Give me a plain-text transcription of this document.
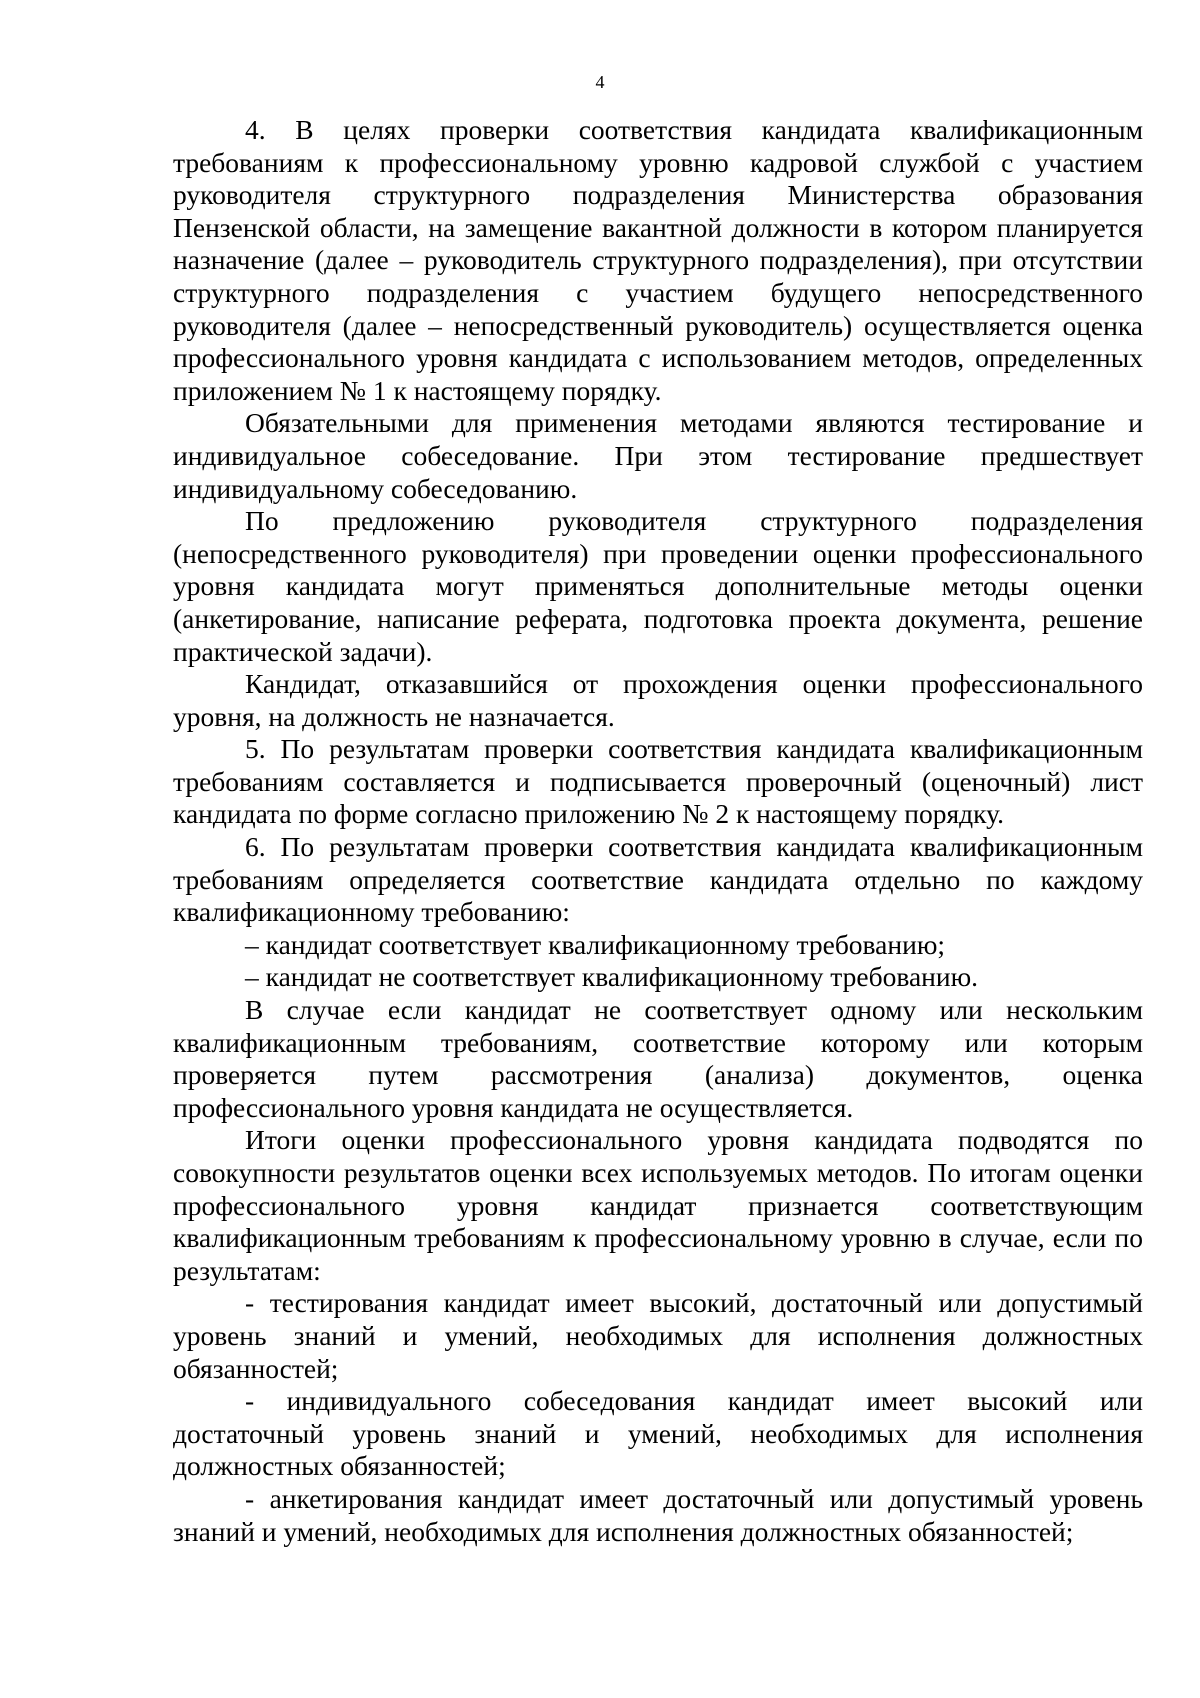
4

4. В целях проверки соответствия кандидата квалификационным требованиям к профессиональному уровню кадровой службой с участием руководителя структурного подразделения Министерства образования Пензенской области, на замещение вакантной должности в котором планируется назначение (далее – руководитель структурного подразделения), при отсутствии структурного подразделения с участием будущего непосредственного руководителя (далее – непосредственный руководитель) осуществляется оценка профессионального уровня кандидата с использованием методов, определенных приложением № 1 к настоящему порядку.

Обязательными для применения методами являются тестирование и индивидуальное собеседование. При этом тестирование предшествует индивидуальному собеседованию.

По предложению руководителя структурного подразделения (непосредственного руководителя) при проведении оценки профессионального уровня кандидата могут применяться дополнительные методы оценки (анкетирование, написание реферата, подготовка проекта документа, решение практической задачи).

Кандидат, отказавшийся от прохождения оценки профессионального уровня, на должность не назначается.

5. По результатам проверки соответствия кандидата квалификационным требованиям составляется и подписывается проверочный (оценочный) лист кандидата по форме согласно приложению № 2 к настоящему порядку.

6. По результатам проверки соответствия кандидата квалификационным требованиям определяется соответствие кандидата отдельно по каждому квалификационному требованию:

– кандидат соответствует квалификационному требованию;

– кандидат не соответствует квалификационному требованию.

В случае если кандидат не соответствует одному или нескольким квалификационным требованиям, соответствие которому или которым проверяется путем рассмотрения (анализа) документов, оценка профессионального уровня кандидата не осуществляется.

Итоги оценки профессионального уровня кандидата подводятся по совокупности результатов оценки всех используемых методов. По итогам оценки профессионального уровня кандидат признается соответствующим квалификационным требованиям к профессиональному уровню в случае, если по результатам:

- тестирования кандидат имеет высокий, достаточный или допустимый уровень знаний и умений, необходимых для исполнения должностных обязанностей;

- индивидуального собеседования кандидат имеет высокий или достаточный уровень знаний и умений, необходимых для исполнения должностных обязанностей;

- анкетирования кандидат имеет достаточный или допустимый уровень знаний и умений, необходимых для исполнения должностных обязанностей;
